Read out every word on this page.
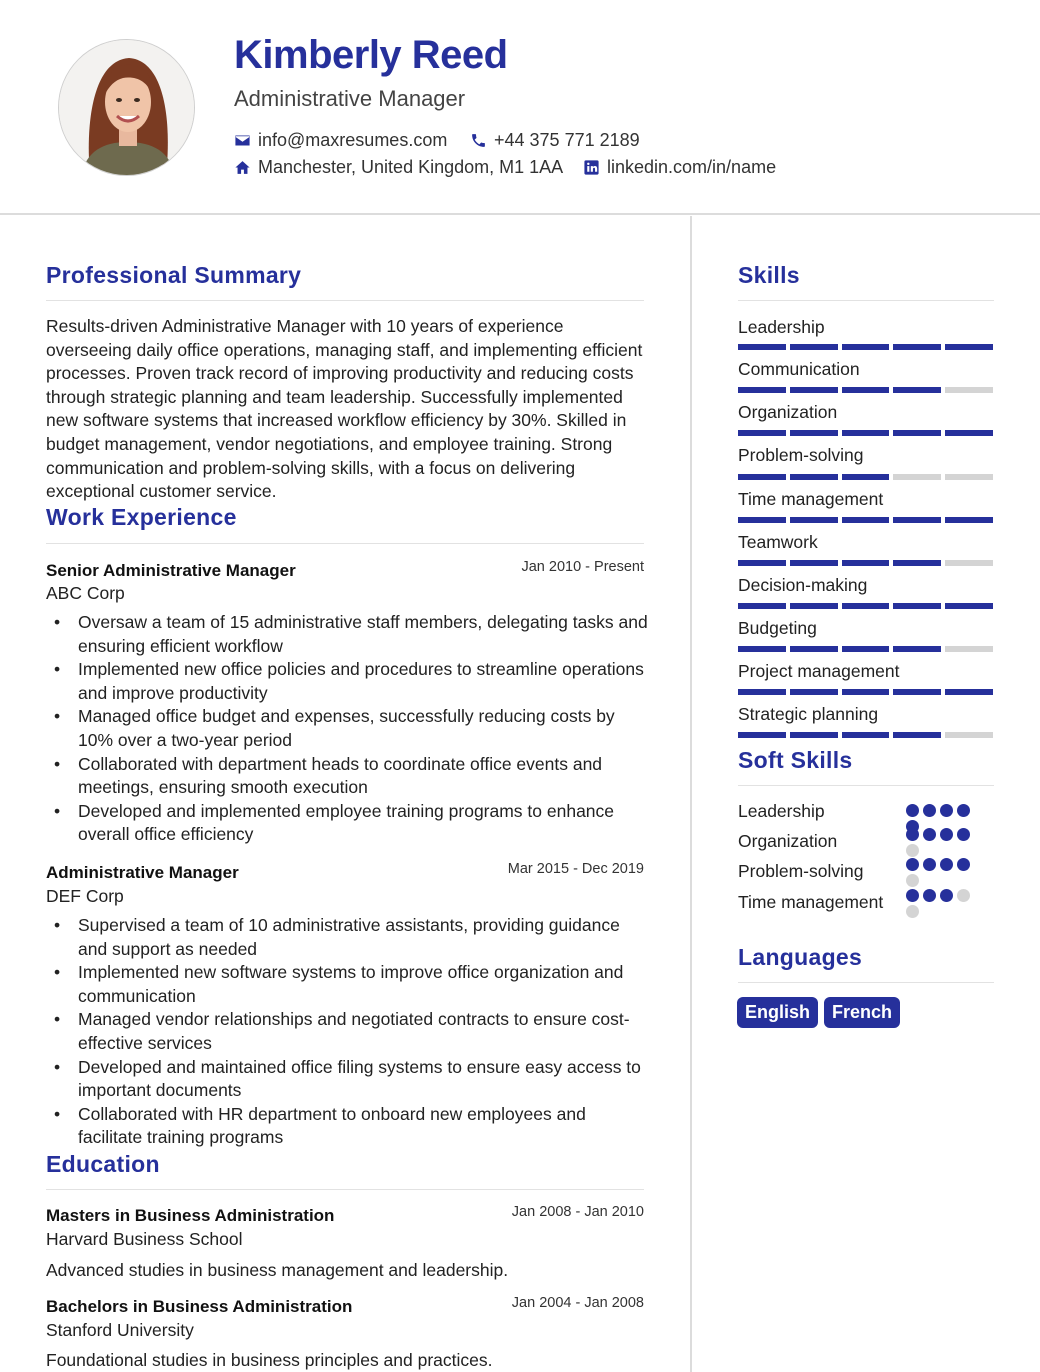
Kimberly Reed
Administrative Manager
info@maxresumes.com	+44 375 771 2189
Manchester, United Kingdom, M1 1AA linkedin.com/in/name
Professional Summary
Results-driven Administrative Manager with 10 years of experience overseeing daily office operations, managing staff, and implementing efficient processes. Proven track record of improving productivity and reducing costs through strategic planning and team leadership. Successfully implemented new software systems that increased workflow efficiency by 30%. Skilled in budget management, vendor negotiations, and employee training. Strong communication and problem-solving skills, with a focus on delivering exceptional customer service.
Work Experience
Senior Administrative Manager	Jan 2010 - Present
ABC Corp
• Oversaw a team of 15 administrative staff members, delegating tasks and ensuring efficient workflow
• Implemented new office policies and procedures to streamline operations and improve productivity
• Managed office budget and expenses, successfully reducing costs by 10% over a two-year period
• Collaborated with department heads to coordinate office events and meetings, ensuring smooth execution
• Developed and implemented employee training programs to enhance overall office efficiency
Administrative Manager	Mar 2015 - Dec 2019
DEF Corp
• Supervised a team of 10 administrative assistants, providing guidance and support as needed
• Implemented new software systems to improve office organization and communication
• Managed vendor relationships and negotiated contracts to ensure cost-effective services
• Developed and maintained office filing systems to ensure easy access to important documents
• Collaborated with HR department to onboard new employees and facilitate training programs
Education
Masters in Business Administration	Jan 2008 - Jan 2010
Harvard Business School
Advanced studies in business management and leadership.
Bachelors in Business Administration	Jan 2004 - Jan 2008
Stanford University
Foundational studies in business principles and practices.
Skills
Leadership
Communication
Organization
Problem-solving
Time management
Teamwork
Decision-making
Budgeting
Project management
Strategic planning
Soft Skills
Leadership
Organization
Problem-solving
Time management
Languages
English	French
